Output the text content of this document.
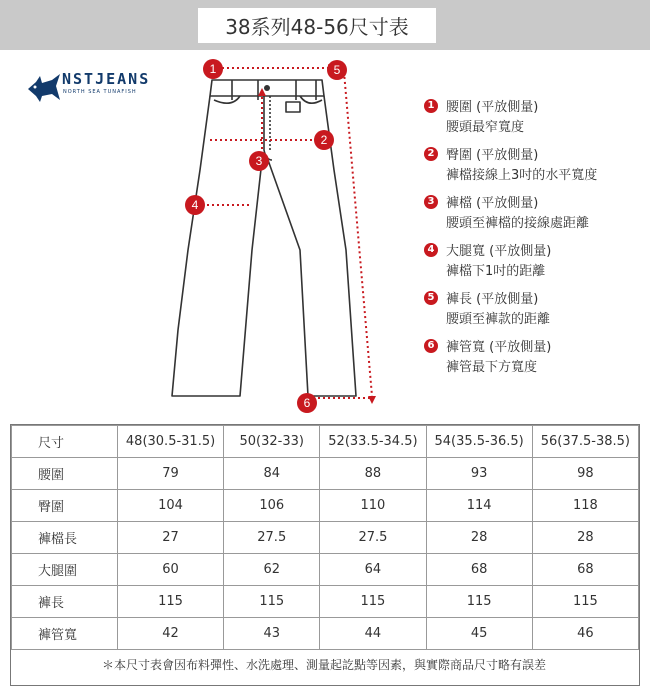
38系列48-56尺寸表
NSTJEANS
NORTH SEA TUNAFISH
1	5
2
3
4
6
1 腰圍 (平放側量)
腰頭最窄寬度
2 臀圍 (平放側量)
褲檔接線上3吋的水平寬度
3 褲檔 (平放側量)
腰頭至褲檔的接線處距離
4 大腿寬 (平放側量)
褲檔下1吋的距離
5 褲長 (平放側量)
腰頭至褲款的距離
6 褲管寬 (平放側量)
褲管最下方寬度
尺寸	48(30.5-31.5)	50(32-33)	52(33.5-34.5)	54(35.5-36.5)	56(37.5-38.5)
腰圍	79	84	88	93	98
臀圍	104	106	110	114	118
褲檔長	27	27.5	27.5	28	28
大腿圍	60	62	64	68	68
褲長	115	115	115	115	115
褲管寬	42	43	44	45	46
＊本尺寸表會因布料彈性、水洗處理、測量起訖點等因素，與實際商品尺寸略有誤差
